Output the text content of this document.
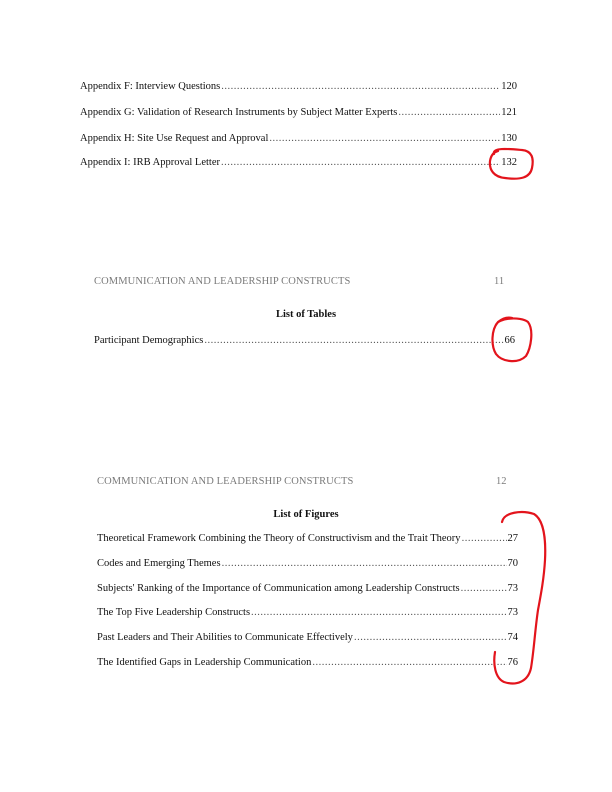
Appendix F: Interview Questions .....	120
Appendix G: Validation of Research Instruments by Subject Matter Experts .....	121
Appendix H: Site Use Request and Approval .....	130
Appendix I: IRB Approval Letter .....	132
COMMUNICATION AND LEADERSHIP CONSTRUCTS	11
List of Tables
Participant Demographics .....	66
COMMUNICATION AND LEADERSHIP CONSTRUCTS	12
List of Figures
Theoretical Framework Combining the Theory of Constructivism and the Trait Theory .....	27
Codes and Emerging Themes .....	70
Subjects' Ranking of the Importance of Communication among Leadership Constructs .....	73
The Top Five Leadership Constructs .....	73
Past Leaders and Their Abilities to Communicate Effectively .....	74
The Identified Gaps in Leadership Communication .....	76
